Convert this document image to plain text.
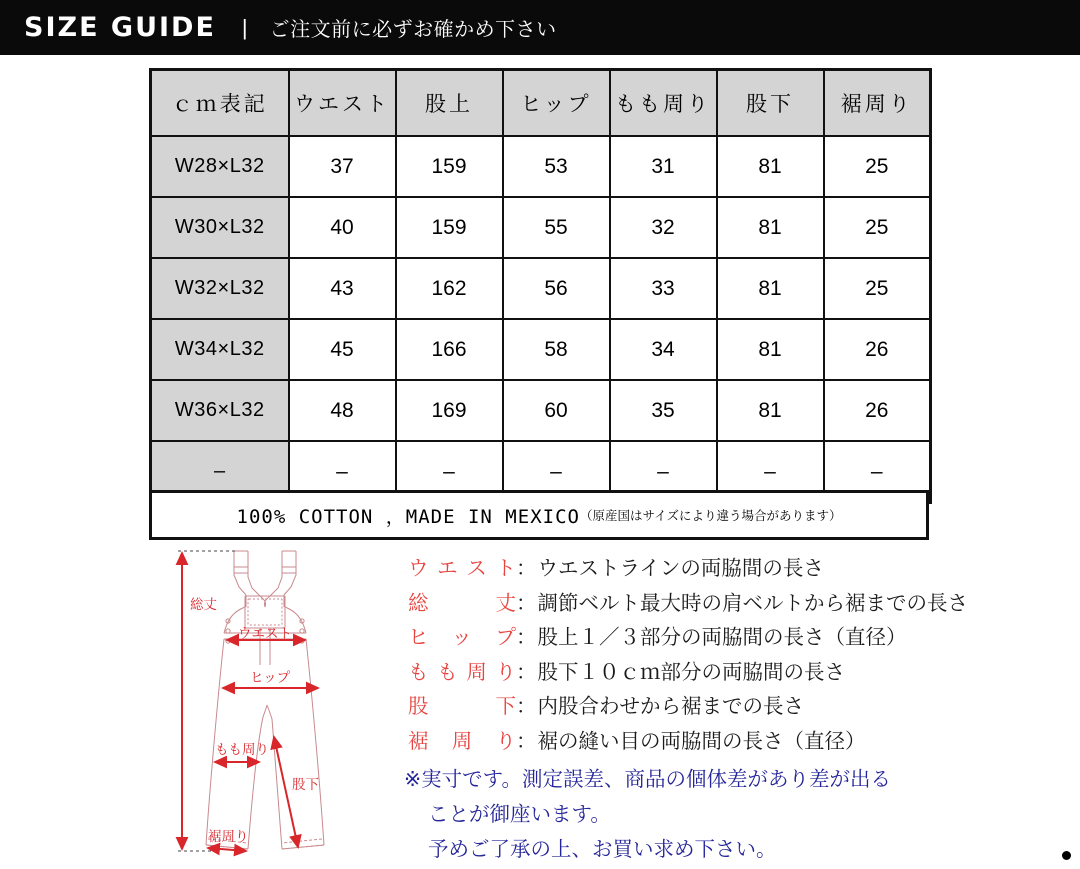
SIZE GUIDE | ご注文前に必ずお確かめ下さい
ｃｍ表記	ウエスト	股上	ヒップ	もも周り	股下	裾周り
W28×L32	37	159	53	31	81	25
W30×L32	40	159	55	32	81	25
W32×L32	43	162	56	33	81	25
W34×L32	45	166	58	34	81	26
W36×L32	48	169	60	35	81	26
–	–	–	–	–	–	–
100% COTTON ，MADE IN MEXICO （原産国はサイズにより違う場合があります）
総丈
ウエスト
ヒップ
もも周り
股下
裾周り
ウエスト ： ウエストラインの両脇間の長さ
総丈 ： 調節ベルト最大時の肩ベルトから裾までの長さ
ヒップ ： 股上１／３部分の両脇間の長さ（直径）
もも周り ： 股下１０ｃｍ部分の両脇間の長さ
股下 ： 内股合わせから裾までの長さ
裾周り ： 裾の縫い目の両脇間の長さ（直径）
※実寸です。測定誤差、商品の個体差があり差が出る
ことが御座います。
予めご了承の上、お買い求め下さい。
